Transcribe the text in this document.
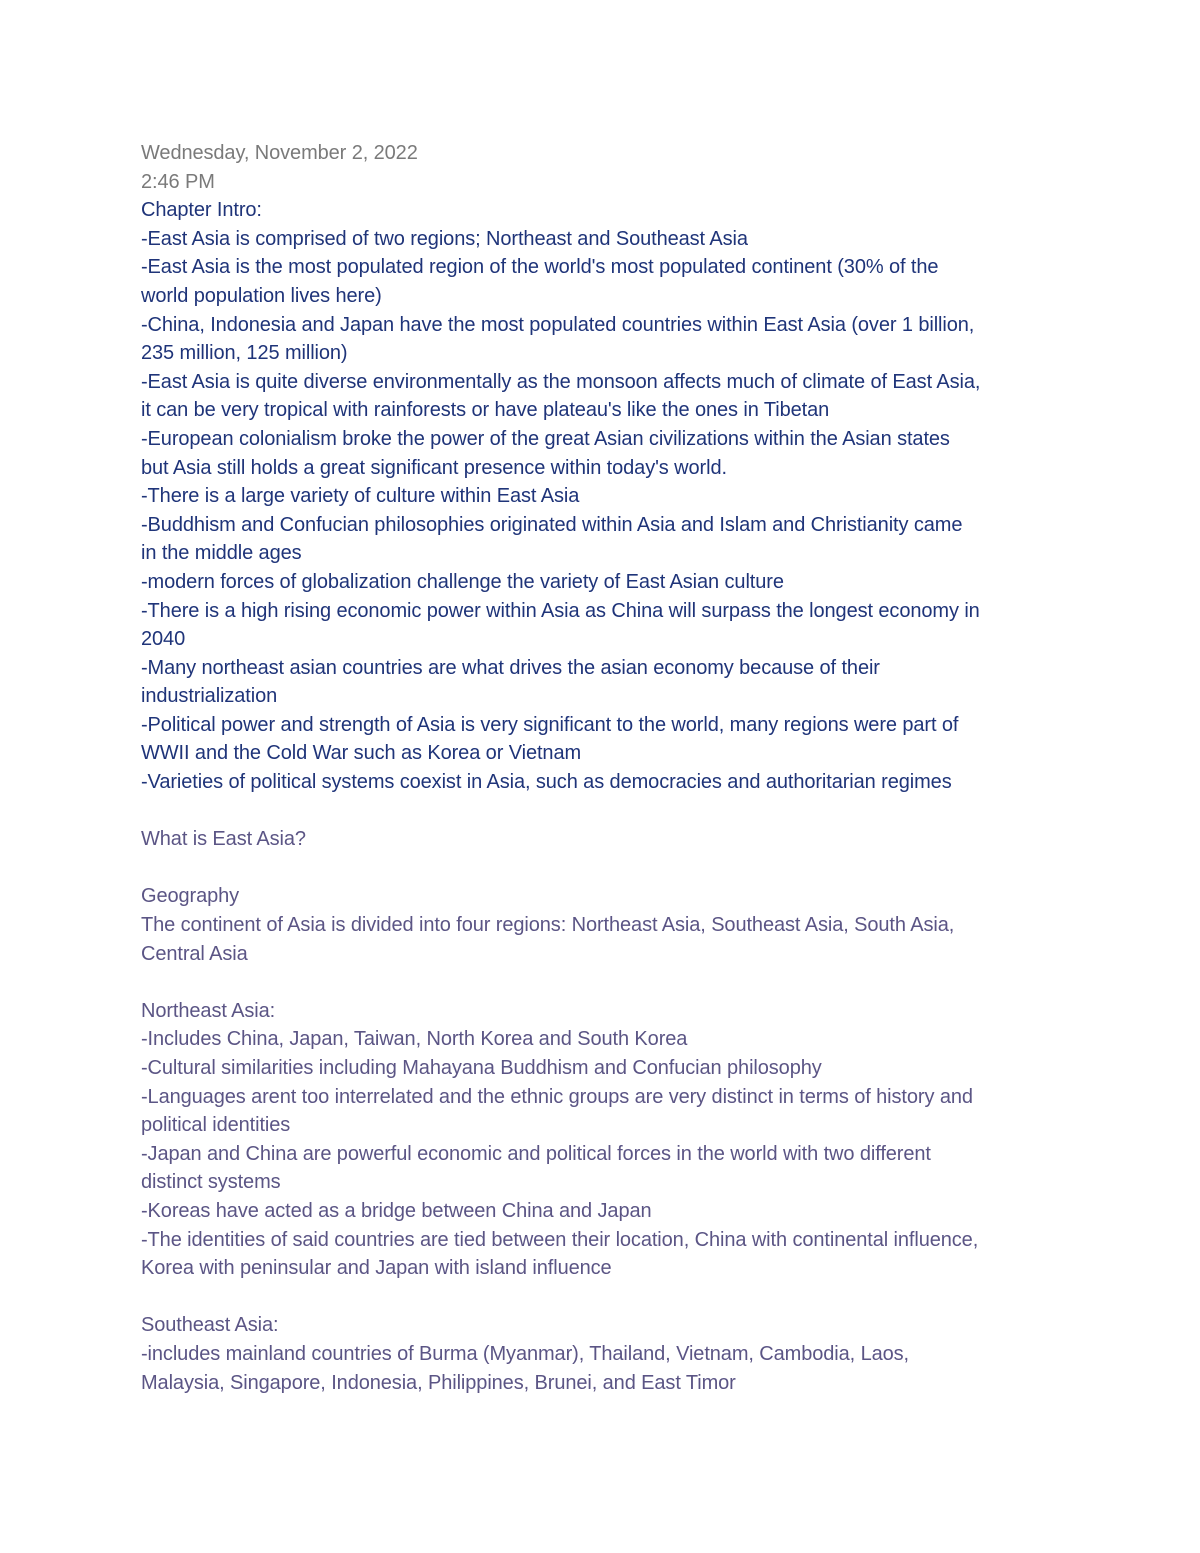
Wednesday, November 2, 2022
2:46 PM
Chapter Intro:
-East Asia is comprised of two regions; Northeast and Southeast Asia
-East Asia is the most populated region of the world's most populated continent (30% of the
world population lives here)
-China, Indonesia and Japan have the most populated countries within East Asia (over 1 billion,
235 million, 125 million)
-East Asia is quite diverse environmentally as the monsoon affects much of climate of East Asia,
it can be very tropical with rainforests or have plateau's like the ones in Tibetan
-European colonialism broke the power of the great Asian civilizations within the Asian states
but Asia still holds a great significant presence within today's world.
-There is a large variety of culture within East Asia
-Buddhism and Confucian philosophies originated within Asia and Islam and Christianity came
in the middle ages
-modern forces of globalization challenge the variety of East Asian culture
-There is a high rising economic power within Asia as China will surpass the longest economy in
2040
-Many northeast asian countries are what drives the asian economy because of their
industrialization
-Political power and strength of Asia is very significant to the world, many regions were part of
WWII and the Cold War such as Korea or Vietnam
-Varieties of political systems coexist in Asia, such as democracies and authoritarian regimes
What is East Asia?
Geography
The continent of Asia is divided into four regions: Northeast Asia, Southeast Asia, South Asia,
Central Asia
Northeast Asia:
-Includes China, Japan, Taiwan, North Korea and South Korea
-Cultural similarities including Mahayana Buddhism and Confucian philosophy
-Languages arent too interrelated and the ethnic groups are very distinct in terms of history and
political identities
-Japan and China are powerful economic and political forces in the world with two different
distinct systems
-Koreas have acted as a bridge between China and Japan
-The identities of said countries are tied between their location, China with continental influence,
Korea with peninsular and Japan with island influence
Southeast Asia:
-includes mainland countries of Burma (Myanmar), Thailand, Vietnam, Cambodia, Laos,
Malaysia, Singapore, Indonesia, Philippines, Brunei, and East Timor
